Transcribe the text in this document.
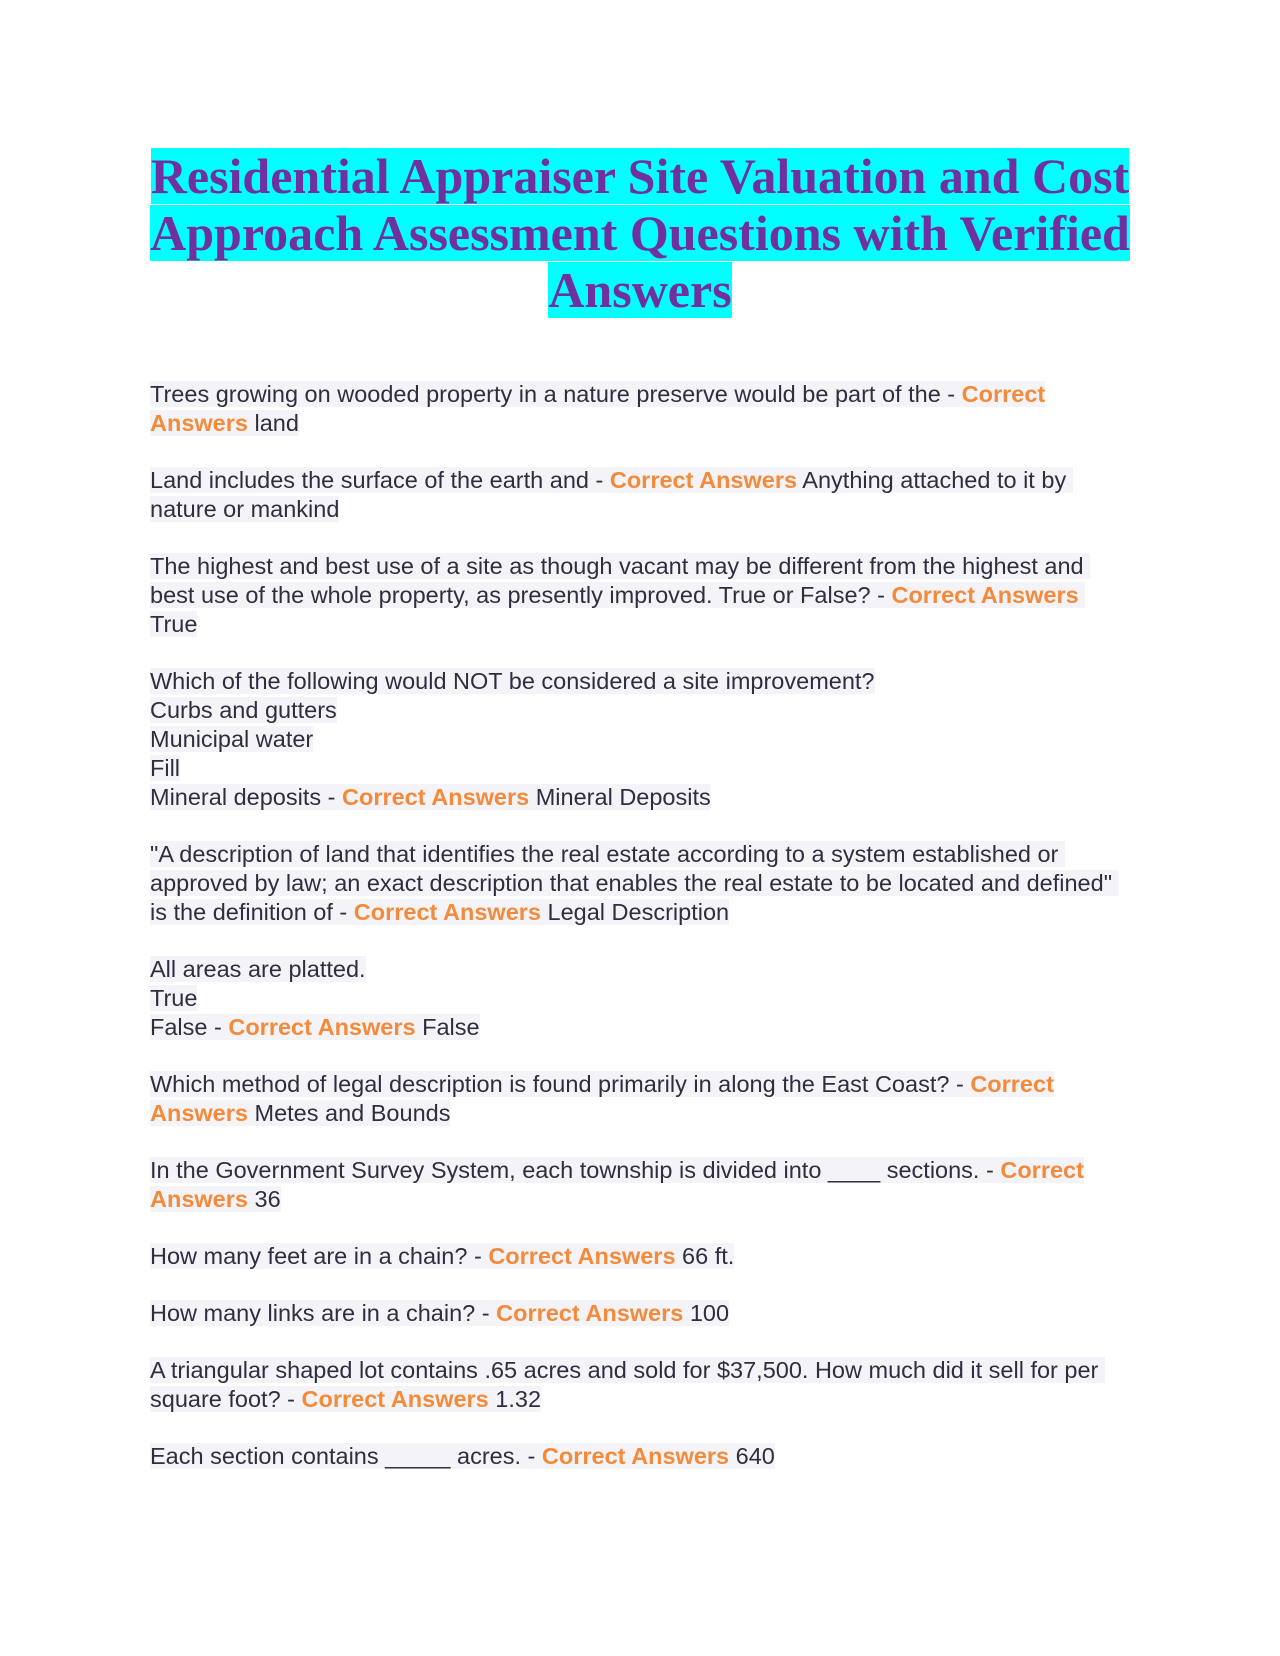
Residential Appraiser Site Valuation and Cost Approach Assessment Questions with Verified Answers

Trees growing on wooded property in a nature preserve would be part of the - Correct Answers land

Land includes the surface of the earth and - Correct Answers Anything attached to it by nature or mankind

The highest and best use of a site as though vacant may be different from the highest and best use of the whole property, as presently improved. True or False? - Correct Answers True

Which of the following would NOT be considered a site improvement?
Curbs and gutters
Municipal water
Fill
Mineral deposits - Correct Answers Mineral Deposits

"A description of land that identifies the real estate according to a system established or approved by law; an exact description that enables the real estate to be located and defined" is the definition of - Correct Answers Legal Description

All areas are platted.
True
False - Correct Answers False

Which method of legal description is found primarily in along the East Coast? - Correct Answers Metes and Bounds

In the Government Survey System, each township is divided into ____ sections. - Correct Answers 36

How many feet are in a chain? - Correct Answers 66 ft.

How many links are in a chain? - Correct Answers 100

A triangular shaped lot contains .65 acres and sold for $37,500. How much did it sell for per square foot? - Correct Answers 1.32

Each section contains _____ acres. - Correct Answers 640
